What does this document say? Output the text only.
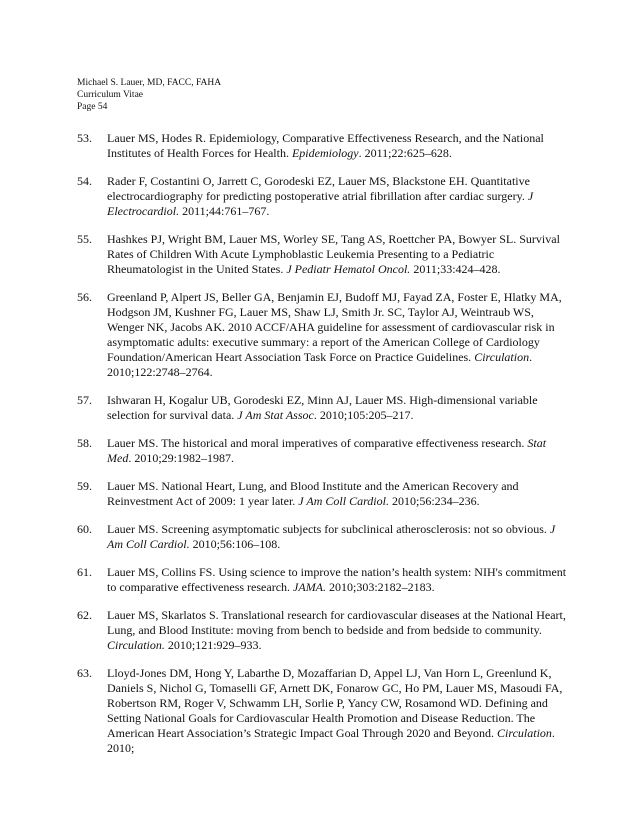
Michael S. Lauer, MD, FACC, FAHA
Curriculum Vitae
Page 54
53. Lauer MS, Hodes R. Epidemiology, Comparative Effectiveness Research, and the National Institutes of Health Forces for Health. Epidemiology. 2011;22:625–628.
54. Rader F, Costantini O, Jarrett C, Gorodeski EZ, Lauer MS, Blackstone EH. Quantitative electrocardiography for predicting postoperative atrial fibrillation after cardiac surgery. J Electrocardiol. 2011;44:761–767.
55. Hashkes PJ, Wright BM, Lauer MS, Worley SE, Tang AS, Roettcher PA, Bowyer SL. Survival Rates of Children With Acute Lymphoblastic Leukemia Presenting to a Pediatric Rheumatologist in the United States. J Pediatr Hematol Oncol. 2011;33:424–428.
56. Greenland P, Alpert JS, Beller GA, Benjamin EJ, Budoff MJ, Fayad ZA, Foster E, Hlatky MA, Hodgson JM, Kushner FG, Lauer MS, Shaw LJ, Smith Jr. SC, Taylor AJ, Weintraub WS, Wenger NK, Jacobs AK. 2010 ACCF/AHA guideline for assessment of cardiovascular risk in asymptomatic adults: executive summary: a report of the American College of Cardiology Foundation/American Heart Association Task Force on Practice Guidelines. Circulation. 2010;122:2748–2764.
57. Ishwaran H, Kogalur UB, Gorodeski EZ, Minn AJ, Lauer MS. High-dimensional variable selection for survival data. J Am Stat Assoc. 2010;105:205–217.
58. Lauer MS. The historical and moral imperatives of comparative effectiveness research. Stat Med. 2010;29:1982–1987.
59. Lauer MS. National Heart, Lung, and Blood Institute and the American Recovery and Reinvestment Act of 2009: 1 year later. J Am Coll Cardiol. 2010;56:234–236.
60. Lauer MS. Screening asymptomatic subjects for subclinical atherosclerosis: not so obvious. J Am Coll Cardiol. 2010;56:106–108.
61. Lauer MS, Collins FS. Using science to improve the nation’s health system: NIH's commitment to comparative effectiveness research. JAMA. 2010;303:2182–2183.
62. Lauer MS, Skarlatos S. Translational research for cardiovascular diseases at the National Heart, Lung, and Blood Institute: moving from bench to bedside and from bedside to community. Circulation. 2010;121:929–933.
63. Lloyd-Jones DM, Hong Y, Labarthe D, Mozaffarian D, Appel LJ, Van Horn L, Greenlund K, Daniels S, Nichol G, Tomaselli GF, Arnett DK, Fonarow GC, Ho PM, Lauer MS, Masoudi FA, Robertson RM, Roger V, Schwamm LH, Sorlie P, Yancy CW, Rosamond WD. Defining and Setting National Goals for Cardiovascular Health Promotion and Disease Reduction. The American Heart Association’s Strategic Impact Goal Through 2020 and Beyond. Circulation. 2010;
